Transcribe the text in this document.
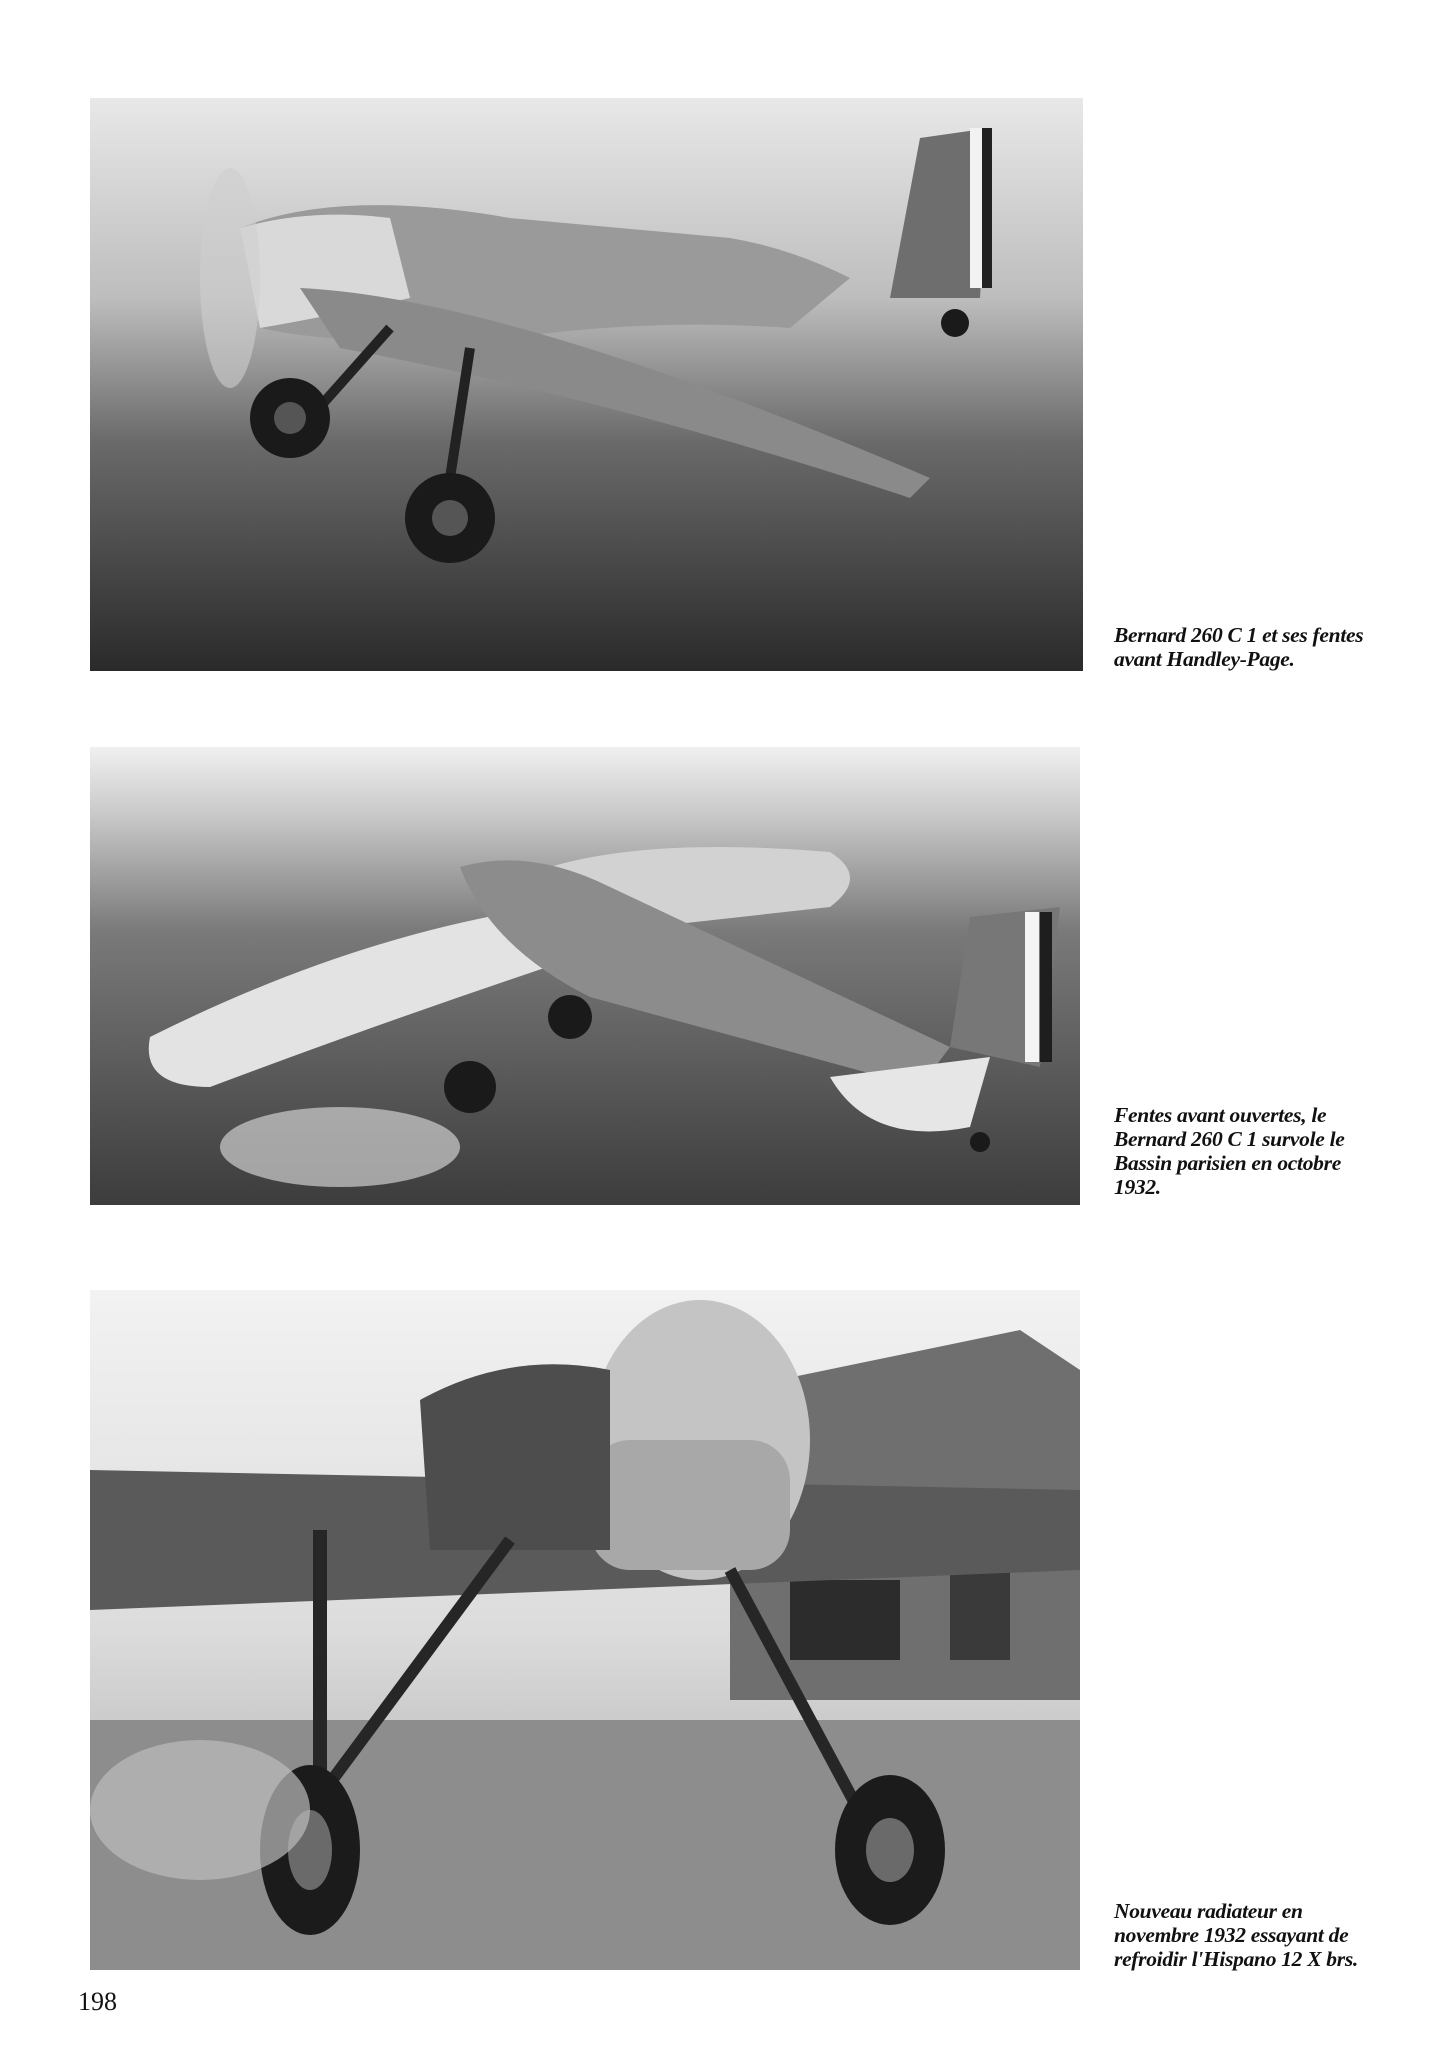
Bernard 260 C 1 et ses fentes
avant Handley-Page.
Fentes avant ouvertes, le
Bernard 260 C 1 survole le
Bassin parisien en octobre
1932.
Nouveau radiateur en
novembre 1932 essayant de
refroidir l'Hispano 12 X brs.
198
